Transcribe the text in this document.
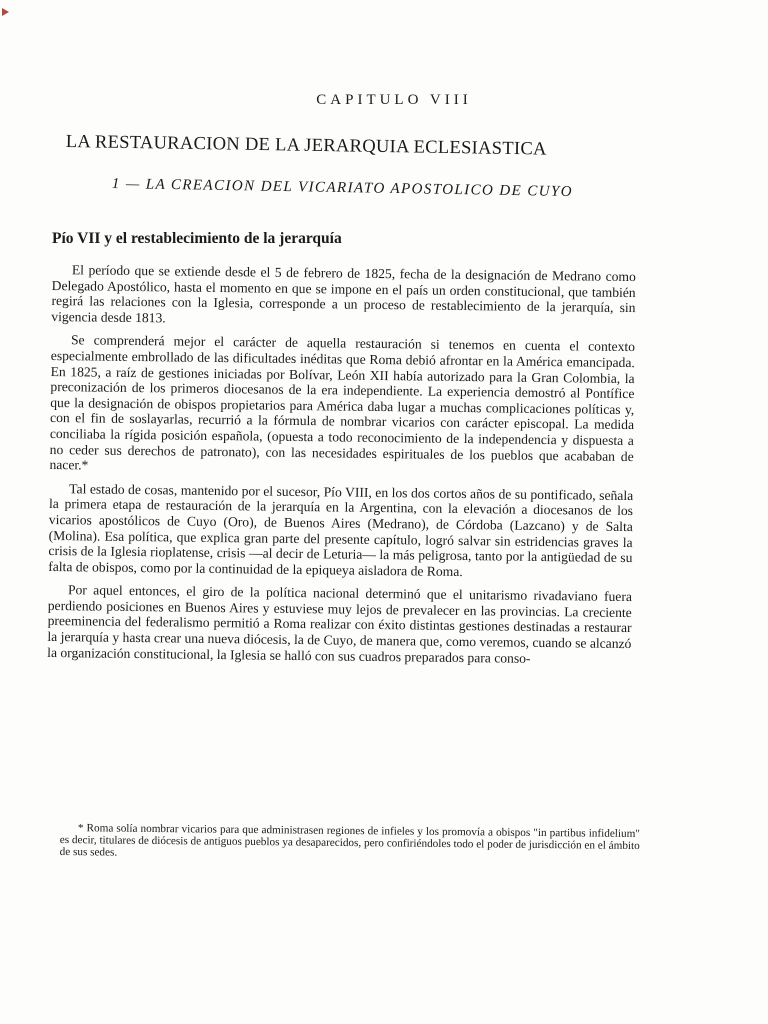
CAPITULO VIII
LA RESTAURACION DE LA JERARQUIA ECLESIASTICA
1 — LA CREACION DEL VICARIATO APOSTOLICO DE CUYO
Pío VII y el restablecimiento de la jerarquía

El período que se extiende desde el 5 de febrero de 1825, fecha de la designación de Medrano como Delegado Apostólico, hasta el momento en que se impone en el país un orden constitucional, que también regirá las relaciones con la Iglesia, corresponde a un proceso de restablecimiento de la jerarquía, sin vigencia desde 1813.

Se comprenderá mejor el carácter de aquella restauración si tenemos en cuenta el contexto especialmente embrollado de las dificultades inéditas que Roma debió afrontar en la América emancipada. En 1825, a raíz de gestiones iniciadas por Bolívar, León XII había autorizado para la Gran Colombia, la preconización de los primeros diocesanos de la era independiente. La experiencia demostró al Pontífice que la designación de obispos propietarios para América daba lugar a muchas complicaciones políticas y, con el fin de soslayarlas, recurrió a la fórmula de nombrar vicarios con carácter episcopal. La medida conciliaba la rígida posición española, (opuesta a todo reconocimiento de la independencia y dispuesta a no ceder sus derechos de patronato), con las necesidades espirituales de los pueblos que acababan de nacer.*

Tal estado de cosas, mantenido por el sucesor, Pío VIII, en los dos cortos años de su pontificado, señala la primera etapa de restauración de la jerarquía en la Argentina, con la elevación a diocesanos de los vicarios apostólicos de Cuyo (Oro), de Buenos Aires (Medrano), de Córdoba (Lazcano) y de Salta (Molina). Esa política, que explica gran parte del presente capítulo, logró salvar sin estridencias graves la crisis de la Iglesia rioplatense, crisis —al decir de Leturia— la más peligrosa, tanto por la antigüedad de su falta de obispos, como por la continuidad de la epiqueya aisladora de Roma.

Por aquel entonces, el giro de la política nacional determinó que el unitarismo rivadaviano fuera perdiendo posiciones en Buenos Aires y estuviese muy lejos de prevalecer en las provincias. La creciente preeminencia del federalismo permitió a Roma realizar con éxito distintas gestiones destinadas a restaurar la jerarquía y hasta crear una nueva diócesis, la de Cuyo, de manera que, como veremos, cuando se alcanzó la organización constitucional, la Iglesia se halló con sus cuadros preparados para conso-

* Roma solía nombrar vicarios para que administrasen regiones de infieles y los promovía a obispos "in partibus infidelium" es decir, titulares de diócesis de antiguos pueblos ya desaparecidos, pero confiriéndoles todo el poder de jurisdicción en el ámbito de sus sedes.
